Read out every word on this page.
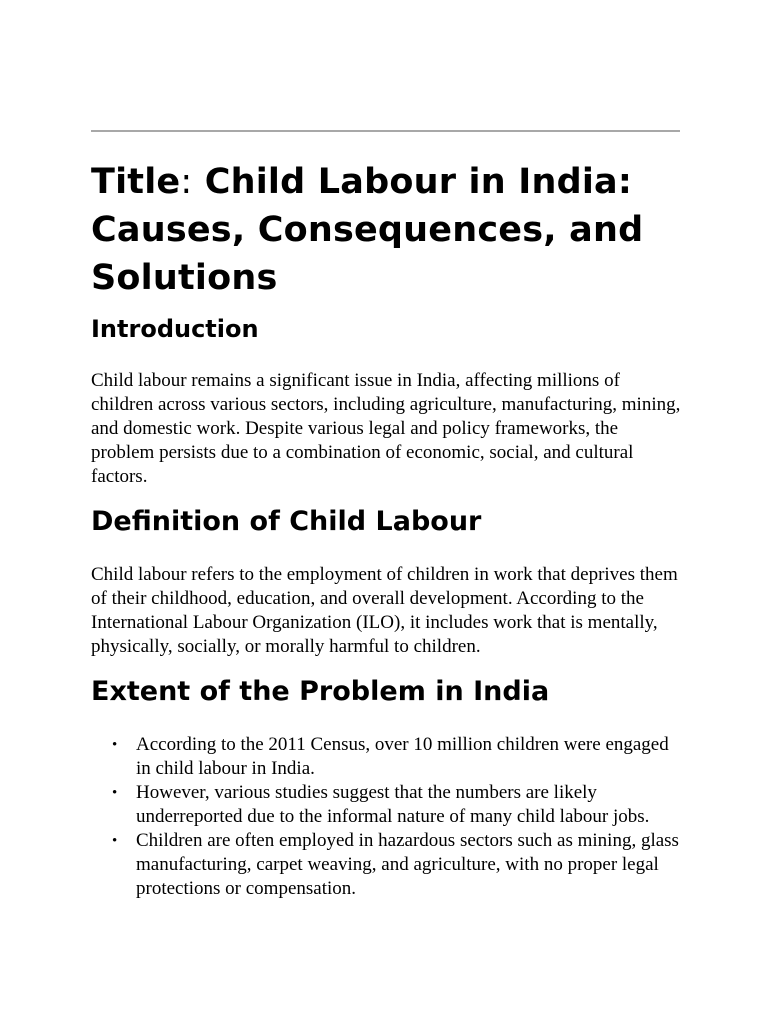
Title: Child Labour in India: Causes, Consequences, and Solutions
Introduction

Child labour remains a significant issue in India, affecting millions of children across various sectors, including agriculture, manufacturing, mining, and domestic work. Despite various legal and policy frameworks, the problem persists due to a combination of economic, social, and cultural factors.

Definition of Child Labour

Child labour refers to the employment of children in work that deprives them of their childhood, education, and overall development. According to the International Labour Organization (ILO), it includes work that is mentally, physically, socially, or morally harmful to children.

Extent of the Problem in India
• According to the 2011 Census, over 10 million children were engaged in child labour in India.
• However, various studies suggest that the numbers are likely underreported due to the informal nature of many child labour jobs.
• Children are often employed in hazardous sectors such as mining, glass manufacturing, carpet weaving, and agriculture, with no proper legal protections or compensation.
